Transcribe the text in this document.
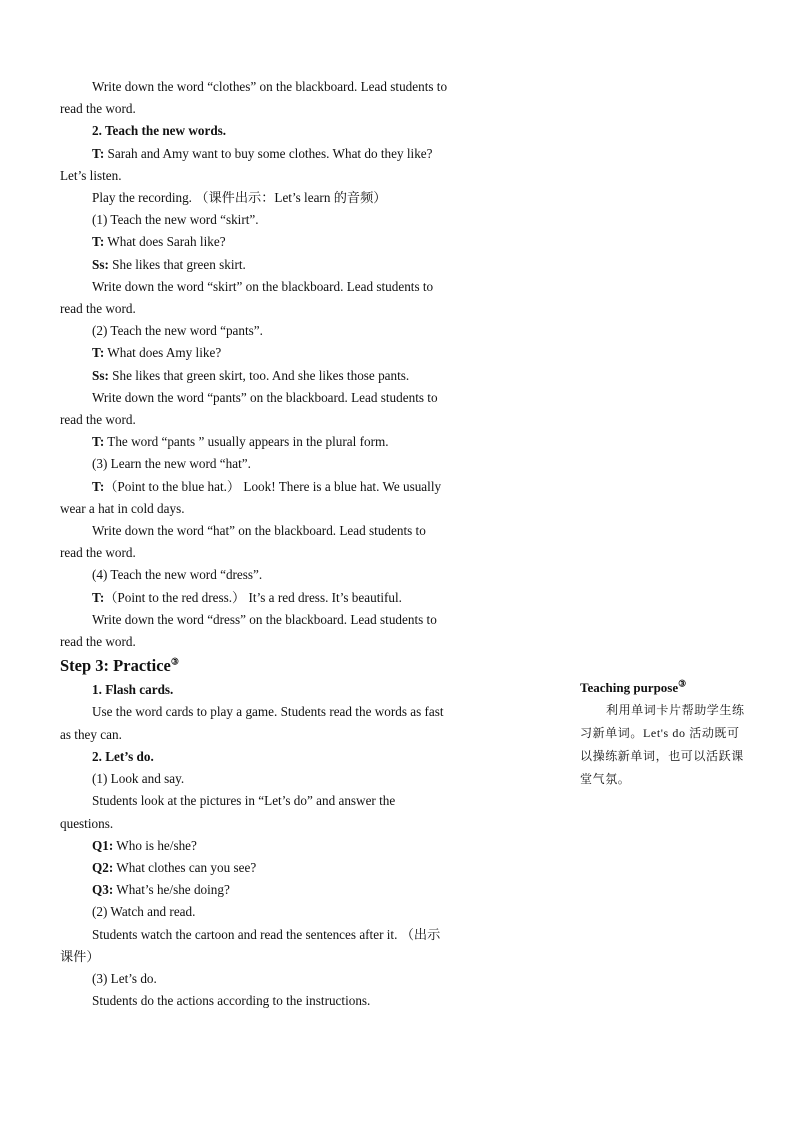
Write down the word “clothes” on the blackboard. Lead students to

read the word.

2. Teach the new words.

T: Sarah and Amy want to buy some clothes. What do they like?

Let’s listen.

Play the recording. （课件出示：Let’s learn 的音频）

(1) Teach the new word “skirt”.

T: What does Sarah like?

Ss: She likes that green skirt.

Write down the word “skirt” on the blackboard. Lead students to

read the word.

(2) Teach the new word “pants”.

T: What does Amy like?

Ss: She likes that green skirt, too. And she likes those pants.

Write down the word “pants” on the blackboard. Lead students to

read the word.

T: The word “pants ” usually appears in the plural form.

(3) Learn the new word “hat”.

T:（Point to the blue hat.） Look! There is a blue hat. We usually

wear a hat in cold days.

Write down the word “hat” on the blackboard. Lead students to

read the word.

(4) Teach the new word “dress”.

T:（Point to the red dress.） It’s a red dress. It’s beautiful.

Write down the word “dress” on the blackboard. Lead students to

read the word.

Step 3: Practice③

1. Flash cards.

Use the word cards to play a game. Students read the words as fast

as they can.

2. Let’s do.

(1) Look and say.

Students look at the pictures in “Let’s do” and answer the

questions.

Q1: Who is he/she?

Q2: What clothes can you see?

Q3: What’s he/she doing?

(2) Watch and read.

Students watch the cartoon and read the sentences after it. （出示

课件）

(3) Let’s do.

Students do the actions according to the instructions.

Teaching purpose③

利用单词卡片帮助学生练习新单词。Let's do 活动既可以操练新单词，也可以活跃课堂气氛。
